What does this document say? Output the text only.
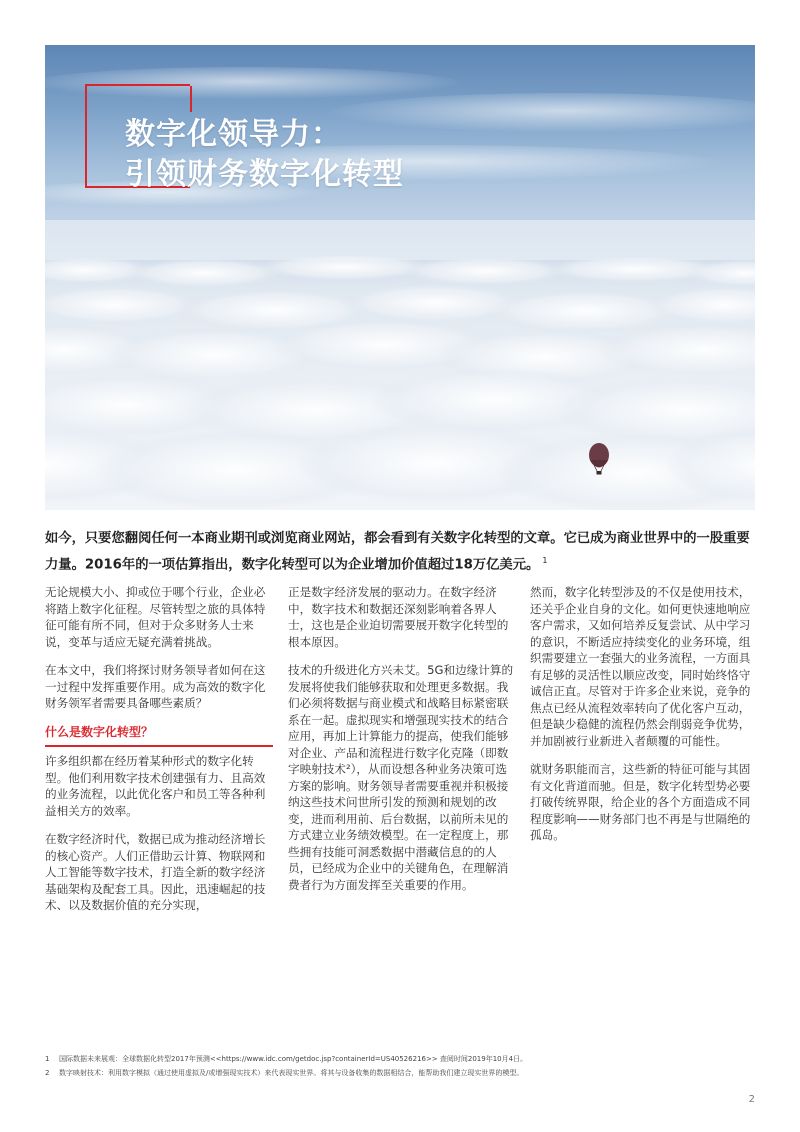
数字化领导力：
引领财务数字化转型
如今，只要您翻阅任何一本商业期刊或浏览商业网站，都会看到有关数字化转型的文章。它已成为商业世界中的一股重要力量。2016年的一项估算指出，数字化转型可以为企业增加价值超过18万亿美元。 $^1$

无论规模大小、抑或位于哪个行业，企业必将踏上数字化征程。尽管转型之旅的具体特征可能有所不同，但对于众多财务人士来说，变革与适应无疑充满着挑战。

在本文中，我们将探讨财务领导者如何在这一过程中发挥重要作用。成为高效的数字化财务领军者需要具备哪些素质？

什么是数字化转型？

许多组织都在经历着某种形式的数字化转型。他们利用数字技术创建强有力、且高效的业务流程，以此优化客户和员工等各种利益相关方的效率。

在数字经济时代，数据已成为推动经济增长的核心资产。人们正借助云计算、物联网和人工智能等数字技术，打造全新的数字经济基础架构及配套工具。因此，迅速崛起的技术、以及数据价值的充分实现，

正是数字经济发展的驱动力。在数字经济中，数字技术和数据还深刻影响着各界人士，这也是企业迫切需要展开数字化转型的根本原因。

技术的升级进化方兴未艾。5G和边缘计算的发展将使我们能够获取和处理更多数据。我们必须将数据与商业模式和战略目标紧密联系在一起。虚拟现实和增强现实技术的结合应用，再加上计算能力的提高，使我们能够对企业、产品和流程进行数字化克隆（即数字映射技术²），从而设想各种业务决策可选方案的影响。财务领导者需要重视并积极接纳这些技术问世所引发的预测和规划的改变，进而利用前、后台数据，以前所未见的方式建立业务绩效模型。在一定程度上，那些拥有技能可洞悉数据中潜藏信息的的人员，已经成为企业中的关键角色，在理解消费者行为方面发挥至关重要的作用。

然而，数字化转型涉及的不仅是使用技术，还关乎企业自身的文化。如何更快速地响应客户需求，又如何培养反复尝试、从中学习的意识，不断适应持续变化的业务环境，组织需要建立一套强大的业务流程，一方面具有足够的灵活性以顺应改变，同时始终恪守诚信正直。尽管对于许多企业来说，竞争的焦点已经从流程效率转向了优化客户互动，但是缺少稳健的流程仍然会削弱竞争优势，并加剧被行业新进入者颠覆的可能性。

就财务职能而言，这些新的特征可能与其固有文化背道而驰。但是，数字化转型势必要打破传统界限，给企业的各个方面造成不同程度影响——财务部门也不再是与世隔绝的孤岛。

1	国际数据未来展观：全球数据化转型2017年预测<<https://www.idc.com/getdoc.jsp?containerId=US40526216>> 查阅时间2019年10月4日。
2	数字映射技术：利用数字模拟（通过使用虚拟及/或增强现实技术）来代表现实世界。将其与设备收集的数据相结合，能帮助我们建立现实世界的模型。
2
